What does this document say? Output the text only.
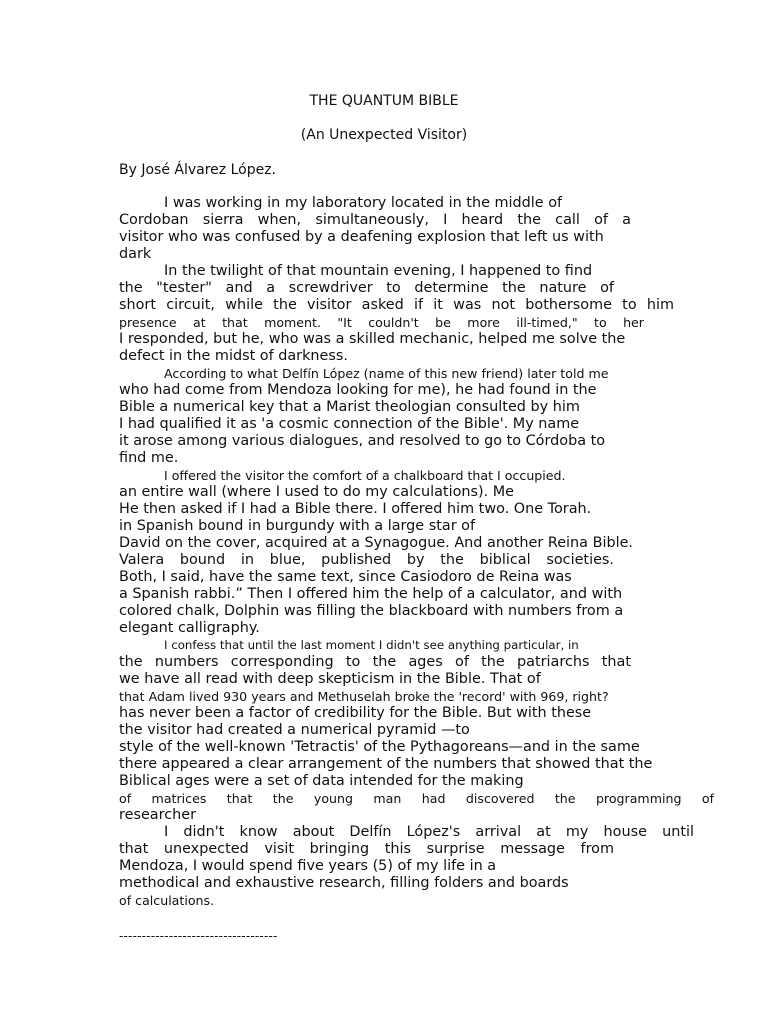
THE QUANTUM BIBLE
(An Unexpected Visitor)
By José Álvarez López.
I was working in my laboratory located in the middle of
Cordoban sierra when, simultaneously, I heard the call of a
visitor who was confused by a deafening explosion that left us with
dark
In the twilight of that mountain evening, I happened to find
the "tester" and a screwdriver to determine the nature of
short circuit, while the visitor asked if it was not bothersome to him
presence at that moment. "It couldn't be more ill-timed," to her
I responded, but he, who was a skilled mechanic, helped me solve the
defect in the midst of darkness.
According to what Delfín López (name of this new friend) later told me
who had come from Mendoza looking for me), he had found in the
Bible a numerical key that a Marist theologian consulted by him
I had qualified it as 'a cosmic connection of the Bible'. My name
it arose among various dialogues, and resolved to go to Córdoba to
find me.
I offered the visitor the comfort of a chalkboard that I occupied.
an entire wall (where I used to do my calculations). Me
He then asked if I had a Bible there. I offered him two. One Torah.
in Spanish bound in burgundy with a large star of
David on the cover, acquired at a Synagogue. And another Reina Bible.
Valera bound in blue, published by the biblical societies.
Both, I said, have the same text, since Casiodoro de Reina was
a Spanish rabbi.” Then I offered him the help of a calculator, and with
colored chalk, Dolphin was filling the blackboard with numbers from a
elegant calligraphy.
I confess that until the last moment I didn't see anything particular, in
the numbers corresponding to the ages of the patriarchs that
we have all read with deep skepticism in the Bible. That of
that Adam lived 930 years and Methuselah broke the 'record' with 969, right?
has never been a factor of credibility for the Bible. But with these
the visitor had created a numerical pyramid —to
style of the well-known 'Tetractis' of the Pythagoreans—and in the same
there appeared a clear arrangement of the numbers that showed that the
Biblical ages were a set of data intended for the making
of matrices that the young man had discovered the programming of
researcher
I didn't know about Delfín López's arrival at my house until
that unexpected visit bringing this surprise message from
Mendoza, I would spend five years (5) of my life in a
methodical and exhaustive research, filling folders and boards
of calculations.
-----------------------------------
